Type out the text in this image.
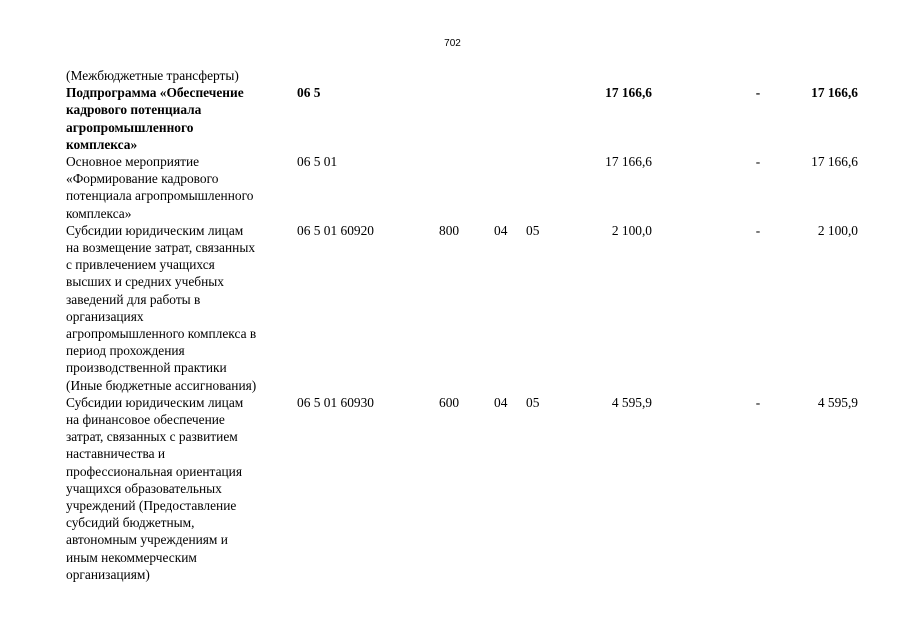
702
(Межбюджетные трансферты)
Подпрограмма «Обеспечение
кадрового потенциала
агропромышленного
комплекса»
06 5	17 166,6	-	17 166,6
Основное мероприятие
«Формирование кадрового
потенциала агропромышленного
комплекса»
06 5 01	17 166,6	-	17 166,6
Субсидии юридическим лицам
на возмещение затрат, связанных
с привлечением учащихся
высших и средних учебных
заведений для работы в
организациях
агропромышленного комплекса в
период прохождения
производственной практики
(Иные бюджетные ассигнования)
06 5 01 60920	800	04 05	2 100,0	-	2 100,0
Субсидии юридическим лицам
на финансовое обеспечение
затрат, связанных с развитием
наставничества и
профессиональная ориентация
учащихся образовательных
учреждений (Предоставление
субсидий бюджетным,
автономным учреждениям и
иным некоммерческим
организациям)
06 5 01 60930	600	04 05	4 595,9	-	4 595,9
